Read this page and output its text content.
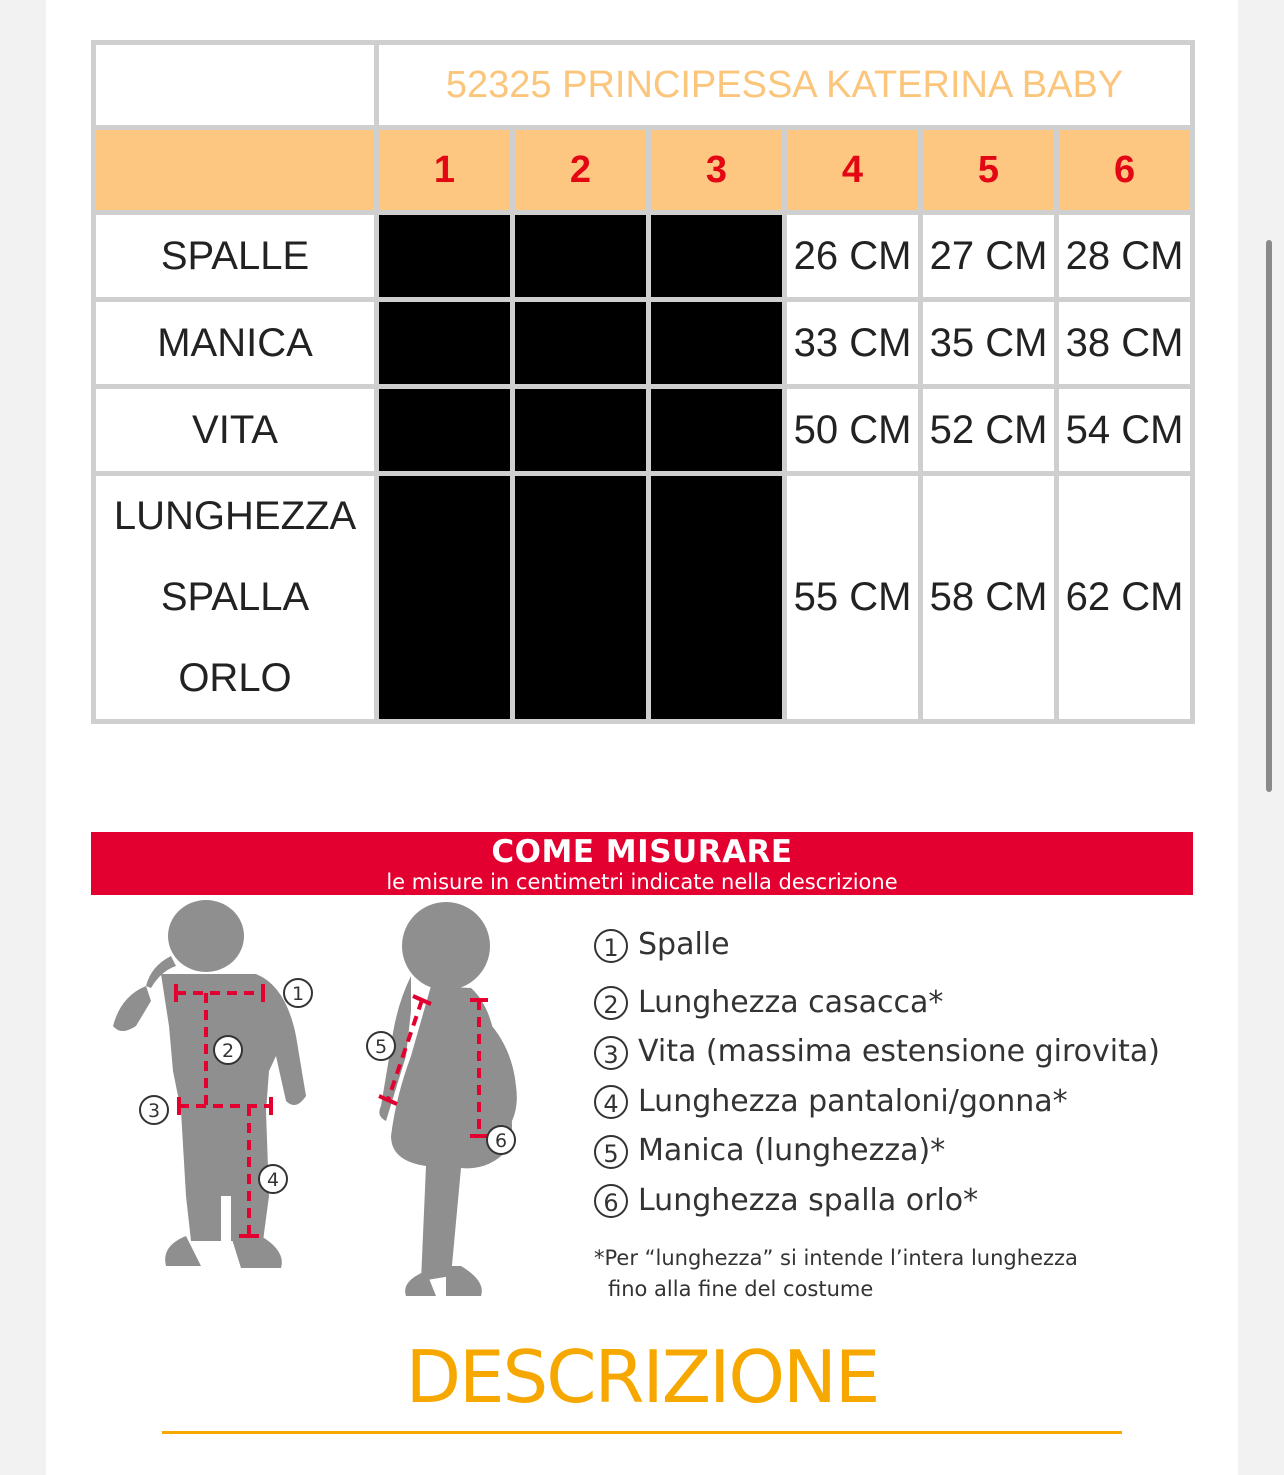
	52325 PRINCIPESSA KATERINA BABY					
	1	2	3	4	5	6
SPALLE				26 CM	27 CM	28 CM
MANICA				33 CM	35 CM	38 CM
VITA				50 CM	52 CM	54 CM

LUNGHEZZA
SPALLA
ORLO				55 CM	58 CM	62 CM
COME MISURARE
le misure in centimetri indicate nella descrizione
1
2
3
4
5
6
1 Spalle
2 Lunghezza casacca*
3 Vita (massima estensione girovita)
4 Lunghezza pantaloni/gonna*
5 Manica (lunghezza)*
6 Lunghezza spalla orlo*
*Per “lunghezza” si intende l’intera lunghezza
fino alla fine del costume
DESCRIZIONE
